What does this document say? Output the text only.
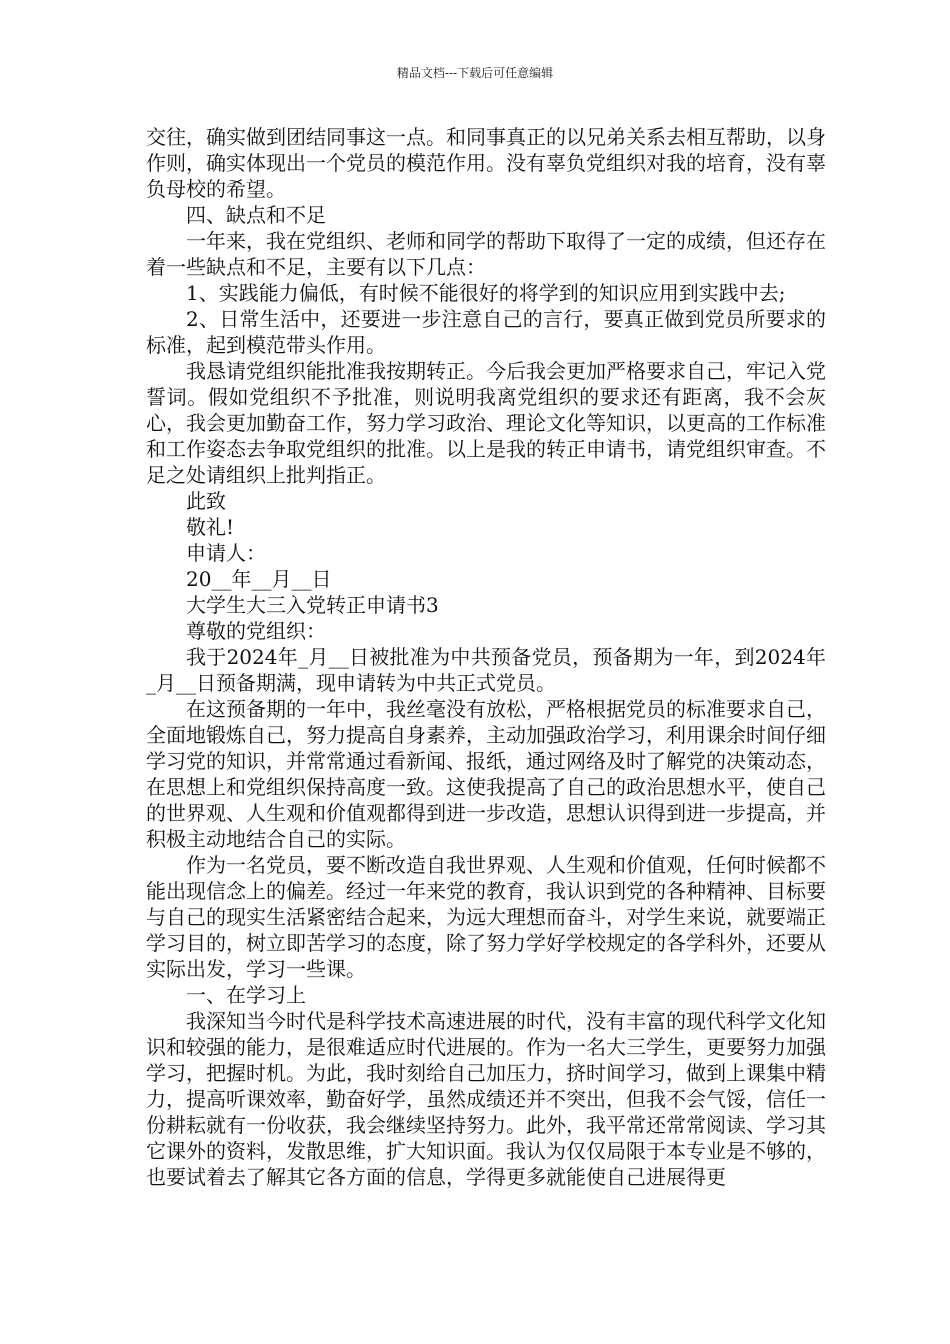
精品文档---下载后可任意编辑

交往，确实做到团结同事这一点。和同事真正的以兄弟关系去相互帮助，以身作则，确实体现出一个党员的模范作用。没有辜负党组织对我的培育，没有辜负母校的希望。

四、缺点和不足

一年来，我在党组织、老师和同学的帮助下取得了一定的成绩，但还存在着一些缺点和不足，主要有以下几点：

1、实践能力偏低，有时候不能很好的将学到的知识应用到实践中去;

2、日常生活中，还要进一步注意自己的言行，要真正做到党员所要求的标准，起到模范带头作用。

我恳请党组织能批准我按期转正。今后我会更加严格要求自己，牢记入党誓词。假如党组织不予批准，则说明我离党组织的要求还有距离，我不会灰心，我会更加勤奋工作，努力学习政治、理论文化等知识，以更高的工作标准和工作姿态去争取党组织的批准。以上是我的转正申请书，请党组织审查。不足之处请组织上批判指正。

此致

敬礼!

申请人：

20__年__月__日

大学生大三入党转正申请书3

尊敬的党组织：

我于2024年_月__日被批准为中共预备党员，预备期为一年，到2024年_月__日预备期满，现申请转为中共正式党员。

在这预备期的一年中，我丝毫没有放松，严格根据党员的标准要求自己，全面地锻炼自己，努力提高自身素养，主动加强政治学习，利用课余时间仔细学习党的知识，并常常通过看新闻、报纸，通过网络及时了解党的决策动态，在思想上和党组织保持高度一致。这使我提高了自己的政治思想水平，使自己的世界观、人生观和价值观都得到进一步改造，思想认识得到进一步提高，并积极主动地结合自己的实际。

作为一名党员，要不断改造自我世界观、人生观和价值观，任何时候都不能出现信念上的偏差。经过一年来党的教育，我认识到党的各种精神、目标要与自己的现实生活紧密结合起来，为远大理想而奋斗，对学生来说，就要端正学习目的，树立即苦学习的态度，除了努力学好学校规定的各学科外，还要从实际出发，学习一些课。

一、在学习上

我深知当今时代是科学技术高速进展的时代，没有丰富的现代科学文化知识和较强的能力，是很难适应时代进展的。作为一名大三学生，更要努力加强学习，把握时机。为此，我时刻给自己加压力，挤时间学习，做到上课集中精力，提高听课效率，勤奋好学，虽然成绩还并不突出，但我不会气馁，信任一份耕耘就有一份收获，我会继续坚持努力。此外，我平常还常常阅读、学习其它课外的资料，发散思维，扩大知识面。我认为仅仅局限于本专业是不够的，也要试着去了解其它各方面的信息，学得更多就能使自己进展得更
